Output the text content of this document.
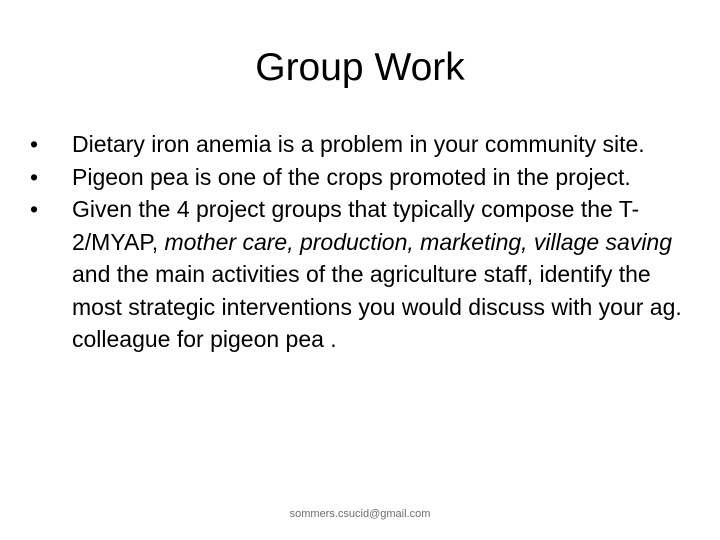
Group Work
•	Dietary iron anemia is a problem in your community site.
•	Pigeon pea is one of the crops promoted in the project.
•	Given the 4 project groups that typically compose the T-2/MYAP, mother care, production, marketing, village saving and the main activities of the agriculture staff, identify the most strategic interventions you would discuss with your ag. colleague for pigeon pea .
sommers.csucid@gmail.com
